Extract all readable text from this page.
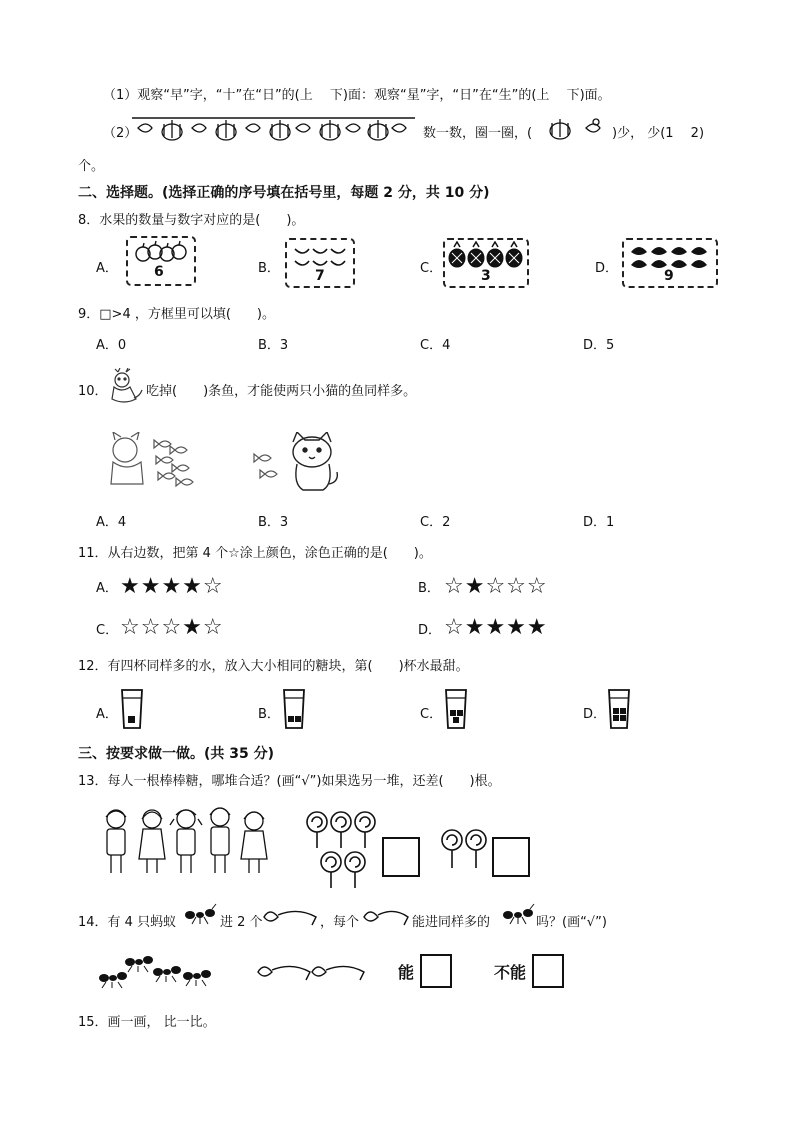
（1）观察“早”字，“十”在“日”的(上　 下)面：观察“星”字，“日”在“生”的(上　 下)面。
（2）	数一数，圈一圈，(	)少， 少(1　 2)
个。
二、选择题。(选择正确的序号填在括号里，每题 2 分，共 10 分)
8．水果的数量与数字对应的是(　　)。
A．	6	B．	7	C．	3	D．	9
9．□>4 ，方框里可以填(　　)。
A．0	B．3	C．4	D．5
10．	吃掉(　　)条鱼，才能使两只小猫的鱼同样多。
A．4	B．3	C．2	D．1
11．从右边数，把第 4 个☆涂上颜色，涂色正确的是(　　)。
A． ★★★★☆	B． ☆★☆☆☆
C． ☆☆☆★☆	D． ☆★★★★
12．有四杯同样多的水，放入大小相同的糖块，第(　　)杯水最甜。
A．	B．	C．	D．
三、按要求做一做。(共 35 分)
13．每人一根棒棒糖，哪堆合适？(画“√”)如果选另一堆，还差(　　)根。
14．有 4 只蚂蚁	进 2 个	，每个	能进同样多的	吗？(画“√”)
能	不能
15．画一画， 比一比。
